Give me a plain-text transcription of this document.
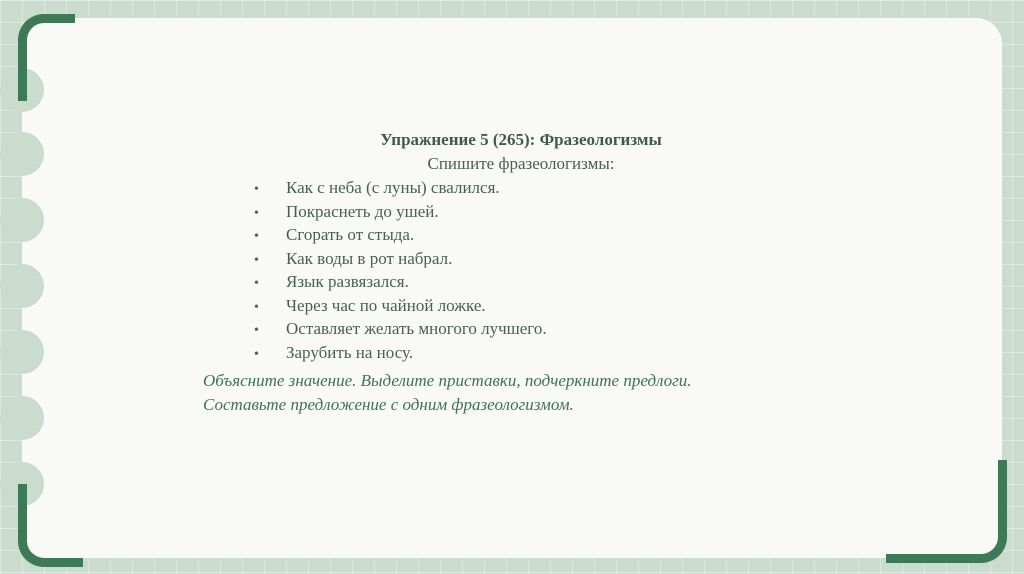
Упражнение 5 (265): Фразеологизмы
Спишите фразеологизмы:
• Как с неба (с луны) свалился.
• Покраснеть до ушей.
• Сгорать от стыда.
• Как воды в рот набрал.
• Язык развязался.
• Через час по чайной ложке.
• Оставляет желать многого лучшего.
• Зарубить на носу.
Объясните значение. Выделите приставки, подчеркните предлоги.
Составьте предложение с одним фразеологизмом.
